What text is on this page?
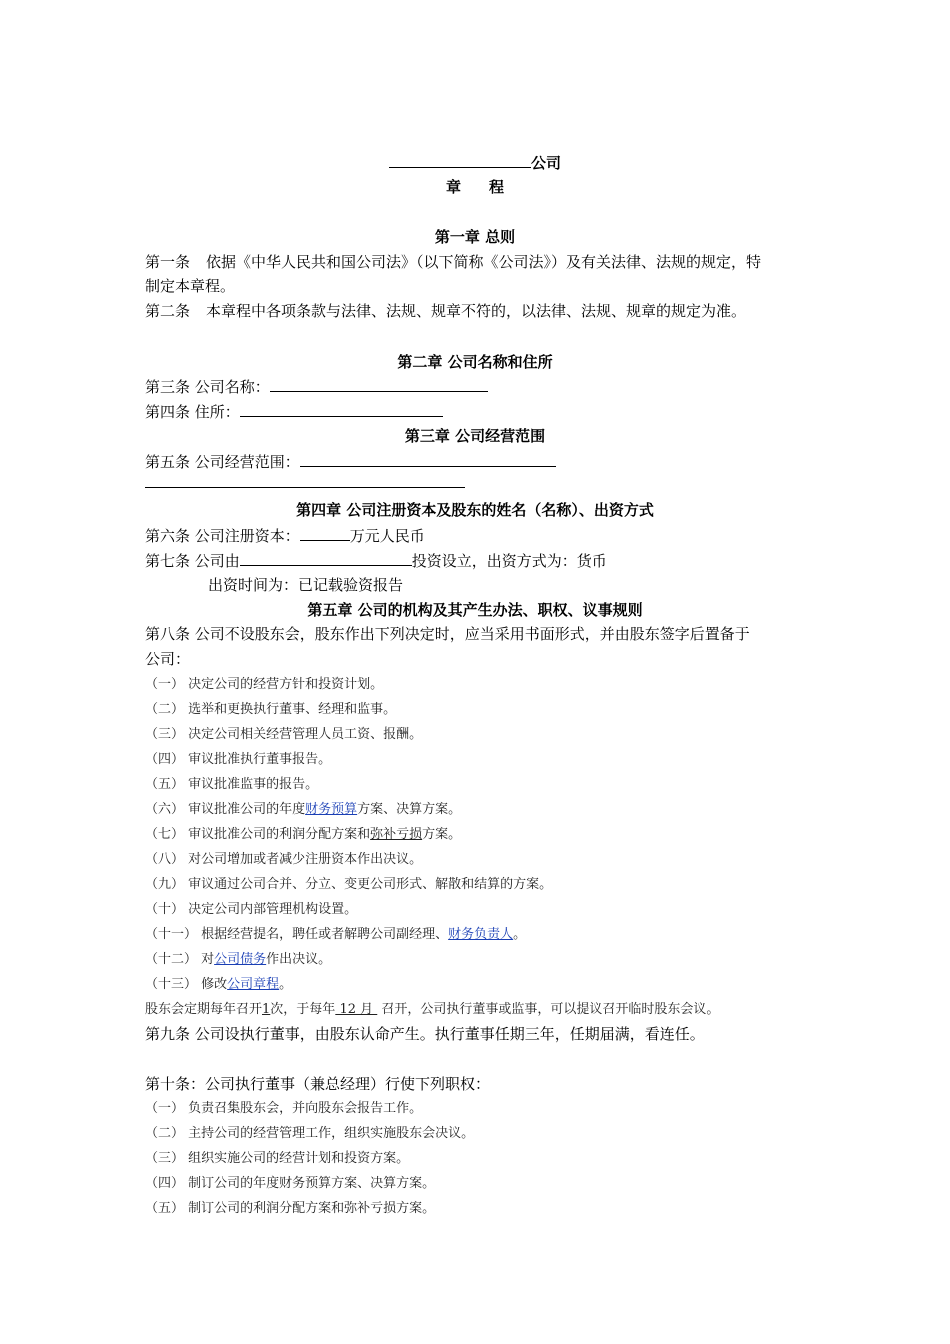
公司
章 程
第一章 总则
第一条 依据《中华人民共和国公司法》（以下简称《公司法》）及有关法律、法规的规定，特
制定本章程。
第二条 本章程中各项条款与法律、法规、规章不符的，以法律、法规、规章的规定为准。
第二章 公司名称和住所
第三条 公司名称：
第四条 住所：
第三章 公司经营范围
第五条 公司经营范围：
第四章 公司注册资本及股东的姓名（名称）、出资方式
第六条 公司注册资本：	万元人民币
第七条 公司由	投资设立，出资方式为：货币
出资时间为：已记载验资报告
第五章 公司的机构及其产生办法、职权、议事规则
第八条 公司不设股东会，股东作出下列决定时，应当采用书面形式，并由股东签字后置备于
公司：
（一） 决定公司的经营方针和投资计划。
（二） 选举和更换执行董事、经理和监事。
（三） 决定公司相关经营管理人员工资、报酬。
（四） 审议批准执行董事报告。
（五） 审议批准监事的报告。
（六） 审议批准公司的年度财务预算方案、决算方案。
（七） 审议批准公司的利润分配方案和弥补亏损方案。
（八） 对公司增加或者减少注册资本作出决议。
（九） 审议通过公司合并、分立、变更公司形式、解散和结算的方案。
（十） 决定公司内部管理机构设置。
（十一） 根据经营提名，聘任或者解聘公司副经理、财务负责人。
（十二） 对公司债务作出决议。
（十三） 修改公司章程。
股东会定期每年召开1次，于每年 12 月  召开，公司执行董事或监事，可以提议召开临时股东会议。
第九条 公司设执行董事，由股东认命产生。执行董事任期三年，任期届满，看连任。
第十条：公司执行董事（兼总经理）行使下列职权：
（一） 负责召集股东会，并向股东会报告工作。
（二） 主持公司的经营管理工作，组织实施股东会决议。
（三） 组织实施公司的经营计划和投资方案。
（四） 制订公司的年度财务预算方案、决算方案。
（五） 制订公司的利润分配方案和弥补亏损方案。
